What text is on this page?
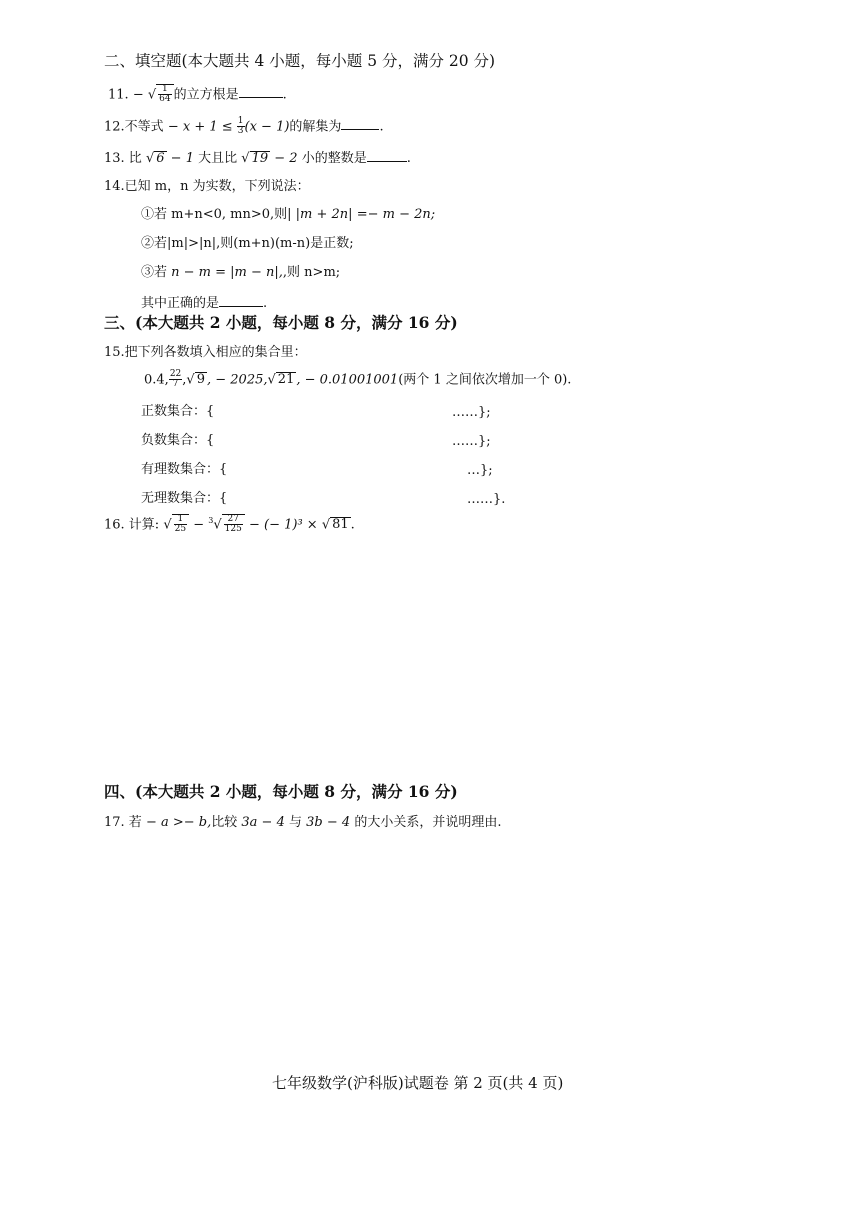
二、填空题(本大题共 4 小题，每小题 5 分，满分 20 分)
11. − √ $\frac{1}{64}$ 的立方根是	.
12.不等式 − $x + 1 \le \frac{1}{3} (x - 1)$的解集为	.
13. 比 √ 6 − 1 大且比 √ 19 − 2 小的整数是	.
14.已知 m，n 为实数，下列说法：
①若 m+n<0, mn>0,则| |m + 2n| =− m − 2n;
②若|m|>|n|,则(m+n)(m-n)是正数;
③若 n − m = |m − n|,,则 n>m;
其中正确的是	.
三、(本大题共 2 小题，每小题 8 分，满分 16 分)
15.把下列各数填入相应的集合里：
0.4, $\frac{22}{7}$ ,√ 9 , − 2025,√ 21 , − 0.01001001(两个 1 之间依次增加一个 0).
正数集合：{	……};
负数集合：{	……};
有理数集合：{	…};
无理数集合：{	……}.
16. 计算: √ $\frac{1}{25} - ^3√ \frac{27}{125}$ − (− 1)³ × √ 81 .
四、(本大题共 2 小题，每小题 8 分，满分 16 分)
17. 若 − a >− b,比较 3a − 4 与 3b − 4 的大小关系，并说明理由.
七年级数学(沪科版)试题卷 第 2 页(共 4 页)
